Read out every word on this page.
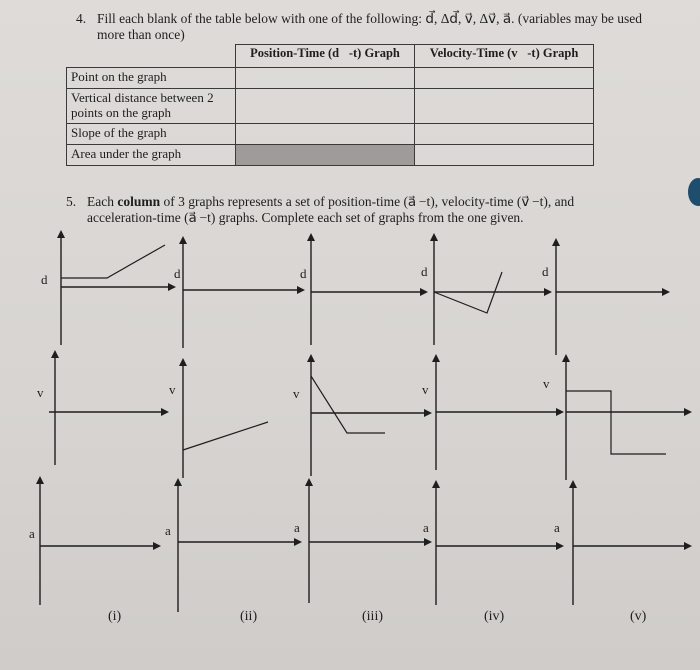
4. Fill each blank of the table below with one of the following: d⃗, Δd⃗, v⃗, Δv⃗, a⃗. (variables may be used
more than once)
	Position-Time (d⃗-t) Graph	Velocity-Time (v⃗-t) Graph
Point on the graph		

Vertical distance between 2
points on the graph		

Slope of the graph		
Area under the graph		
5. Each column of 3 graphs represents a set of position-time (a⃗ −t), velocity-time (v⃗ −t), and
acceleration-time (a⃗ −t) graphs. Complete each set of graphs from the one given.
d
v
a
d
v
a
d
v
a
d
v
a
d
v
a
(i)	(ii)	(iii)	(iv)	(v)
